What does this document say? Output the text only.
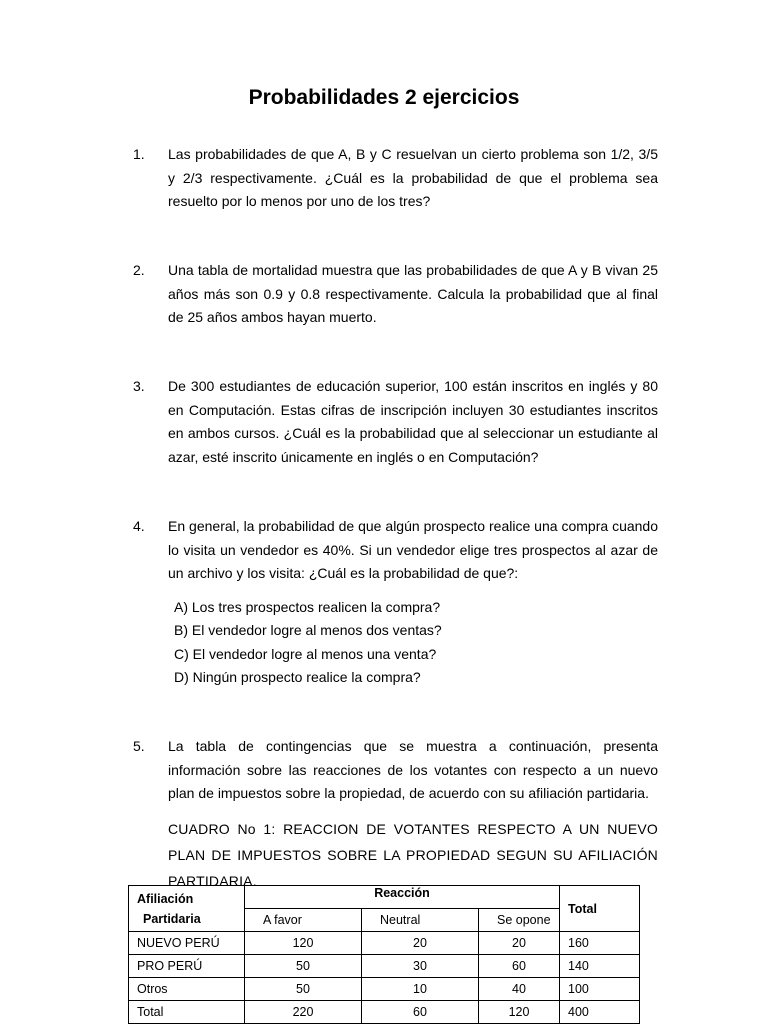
Probabilidades 2 ejercicios
1. Las probabilidades de que A, B y C resuelvan un cierto problema son 1/2, 3/5 y 2/3 respectivamente. ¿Cuál es la probabilidad de que el problema sea resuelto por lo menos por uno de los tres?
2. Una tabla de mortalidad muestra que las probabilidades de que A y B vivan 25 años más son 0.9 y 0.8 respectivamente. Calcula la probabilidad que al final de 25 años ambos hayan muerto.
3. De 300 estudiantes de educación superior, 100 están inscritos en inglés y 80 en Computación. Estas cifras de inscripción incluyen 30 estudiantes inscritos en ambos cursos. ¿Cuál es la probabilidad que al seleccionar un estudiante al azar, esté inscrito únicamente en inglés o en Computación?
4. En general, la probabilidad de que algún prospecto realice una compra cuando lo visita un vendedor es 40%. Si un vendedor elige tres prospectos al azar de un archivo y los visita: ¿Cuál es la probabilidad de que?:
A) Los tres prospectos realicen la compra?
B) El vendedor logre al menos dos ventas?
C) El vendedor logre al menos una venta?
D) Ningún prospecto realice la compra?
5. La tabla de contingencias que se muestra a continuación, presenta información sobre las reacciones de los votantes con respecto a un nuevo plan de impuestos sobre la propiedad, de acuerdo con su afiliación partidaria.
CUADRO No 1: REACCION DE VOTANTES RESPECTO A UN NUEVO PLAN DE IMPUESTOS SOBRE LA PROPIEDAD SEGUN SU AFILIACIÓN PARTIDARIA.
Afiliación
Partidaria	Reacción			Total
	A favor	Neutral	Se opone	
NUEVO PERÚ	120	20	20	160
PRO PERÚ	50	30	60	140
Otros	50	10	40	100
Total	220	60	120	400
